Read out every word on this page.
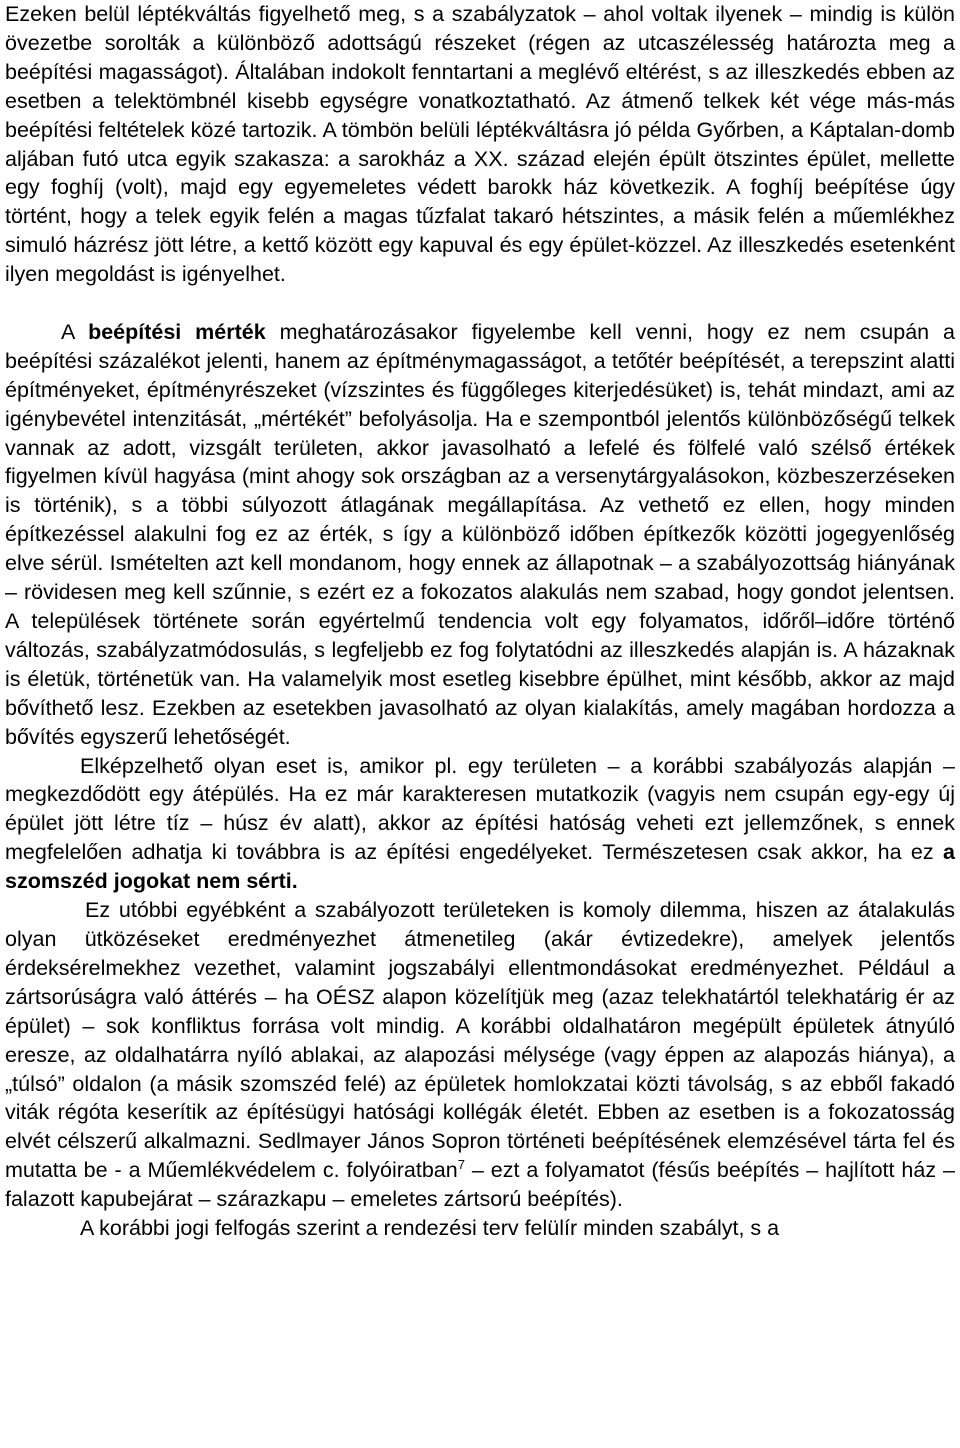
Ezeken belül léptékváltás figyelhető meg, s a szabályzatok – ahol voltak ilyenek – mindig is külön övezetbe sorolták a különböző adottságú részeket (régen az utcaszélesség határozta meg a beépítési magasságot). Általában indokolt fenntartani a meglévő eltérést, s az illeszkedés ebben az esetben a telektömbnél kisebb egységre vonatkoztatható. Az átmenő telkek két vége más-más beépítési feltételek közé tartozik. A tömbön belüli léptékváltásra jó példa Győrben, a Káptalan-domb aljában futó utca egyik szakasza: a sarokház a XX. század elején épült ötszintes épület, mellette egy foghíj (volt), majd egy egyemeletes védett barokk ház következik. A foghíj beépítése úgy történt, hogy a telek egyik felén a magas tűzfalat takaró hétszintes, a másik felén a műemlékhez simuló házrész jött létre, a kettő között egy kapuval és egy épület-közzel. Az illeszkedés esetenként ilyen megoldást is igényelhet.

A beépítési mérték meghatározásakor figyelembe kell venni, hogy ez nem csupán a beépítési százalékot jelenti, hanem az építménymagasságot, a tetőtér beépítését, a terepszint alatti építményeket, építményrészeket (vízszintes és függőleges kiterjedésüket) is, tehát mindazt, ami az igénybevétel intenzitását, „mértékét” befolyásolja. Ha e szempontból jelentős különbözőségű telkek vannak az adott, vizsgált területen, akkor javasolható a lefelé és fölfelé való szélső értékek figyelmen kívül hagyása (mint ahogy sok országban az a versenytárgyalásokon, közbeszerzéseken is történik), s a többi súlyozott átlagának megállapítása. Az vethető ez ellen, hogy minden építkezéssel alakulni fog ez az érték, s így a különböző időben építkezők közötti jogegyenlőség elve sérül. Ismételten azt kell mondanom, hogy ennek az állapotnak – a szabályozottság hiányának – rövidesen meg kell szűnnie, s ezért ez a fokozatos alakulás nem szabad, hogy gondot jelentsen. A települések története során egyértelmű tendencia volt egy folyamatos, időről–időre történő változás, szabályzatmódosulás, s legfeljebb ez fog folytatódni az illeszkedés alapján is. A házaknak is életük, történetük van. Ha valamelyik most esetleg kisebbre épülhet, mint később, akkor az majd bővíthető lesz. Ezekben az esetekben javasolható az olyan kialakítás, amely magában hordozza a bővítés egyszerű lehetőségét.

Elképzelhető olyan eset is, amikor pl. egy területen – a korábbi szabályozás alapján – megkezdődött egy átépülés. Ha ez már karakteresen mutatkozik (vagyis nem csupán egy-egy új épület jött létre tíz – húsz év alatt), akkor az építési hatóság veheti ezt jellemzőnek, s ennek megfelelően adhatja ki továbbra is az építési engedélyeket. Természetesen csak akkor, ha ez a szomszéd jogokat nem sérti.

Ez utóbbi egyébként a szabályozott területeken is komoly dilemma, hiszen az átalakulás olyan ütközéseket eredményezhet átmenetileg (akár évtizedekre), amelyek jelentős érdeksérelmekhez vezethet, valamint jogszabályi ellentmondásokat eredményezhet. Például a zártsorúságra való áttérés – ha OÉSZ alapon közelítjük meg (azaz telekhatártól telekhatárig ér az épület) – sok konfliktus forrása volt mindig. A korábbi oldalhatáron megépült épületek átnyúló eresze, az oldalhatárra nyíló ablakai, az alapozási mélysége (vagy éppen az alapozás hiánya), a „túlsó” oldalon (a másik szomszéd felé) az épületek homlokzatai közti távolság, s az ebből fakadó viták régóta keserítik az építésügyi hatósági kollégák életét. Ebben az esetben is a fokozatosság elvét célszerű alkalmazni. Sedlmayer János Sopron történeti beépítésének elemzésével tárta fel és mutatta be - a Műemlékvédelem c. folyóiratban$^7$ – ezt a folyamatot (fésűs beépítés – hajlított ház – falazott kapubejárat – szárazkapu – emeletes zártsorú beépítés).

A korábbi jogi felfogás szerint a rendezési terv felülír minden szabályt, s a
